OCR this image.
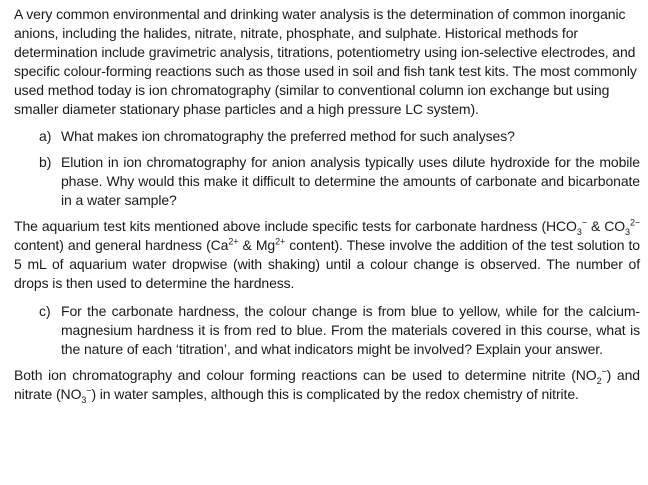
A very common environmental and drinking water analysis is the determination of common inorganic anions, including the halides, nitrate, nitrate, phosphate, and sulphate. Historical methods for determination include gravimetric analysis, titrations, potentiometry using ion-selective electrodes, and specific colour-forming reactions such as those used in soil and fish tank test kits. The most commonly used method today is ion chromatography (similar to conventional column ion exchange but using smaller diameter stationary phase particles and a high pressure LC system).

a) What makes ion chromatography the preferred method for such analyses?
b) Elution in ion chromatography for anion analysis typically uses dilute hydroxide for the mobile phase. Why would this make it difficult to determine the amounts of carbonate and bicarbonate in a water sample?

The aquarium test kits mentioned above include specific tests for carbonate hardness ($HCO_3^-$ & $CO_3^{2-}$ content) and general hardness ($Ca^{2+}$ & $Mg^{2+}$ content). These involve the addition of the test solution to 5 mL of aquarium water dropwise (with shaking) until a colour change is observed. The number of drops is then used to determine the hardness.

c) For the carbonate hardness, the colour change is from blue to yellow, while for the calcium-magnesium hardness it is from red to blue. From the materials covered in this course, what is the nature of each ‘titration’, and what indicators might be involved? Explain your answer.

Both ion chromatography and colour forming reactions can be used to determine nitrite $(NO_2^-)$ and nitrate $(NO_3^-)$ in water samples, although this is complicated by the redox chemistry of nitrite.
